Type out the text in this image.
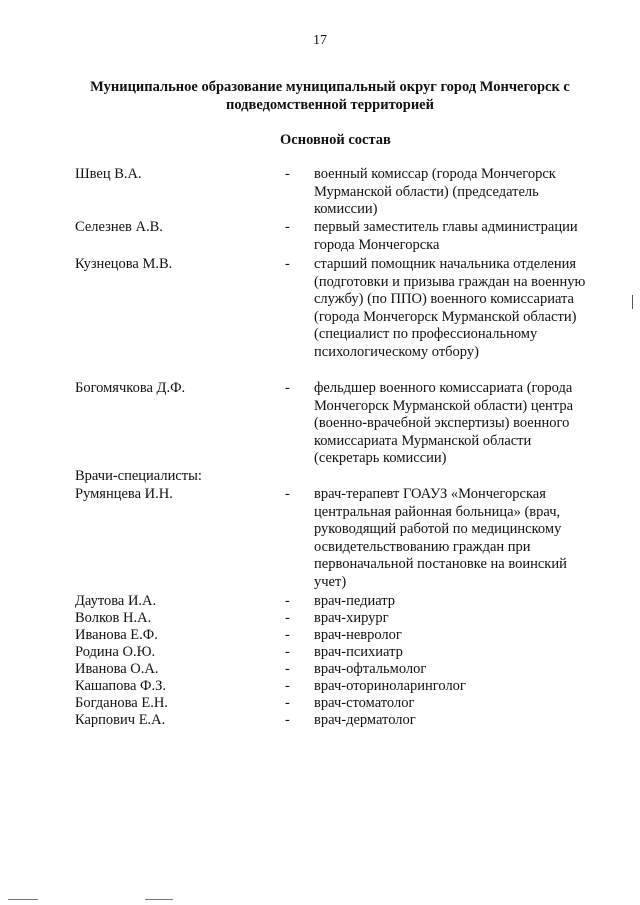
17
Муниципальное образование муниципальный округ город Мончегорск с подведомственной территорией
Основной состав
Швец В.А.	- военный комиссар (города Мончегорск Мурманской области) (председатель комиссии)
Селезнев А.В.	- первый заместитель главы администрации города Мончегорска
Кузнецова М.В.	- старший помощник начальника отделения (подготовки и призыва граждан на военную службу) (по ППО) военного комиссариата (города Мончегорск Мурманской области) (специалист по профессиональному психологическому отбору)
Богомячкова Д.Ф.	- фельдшер военного комиссариата (города Мончегорск Мурманской области) центра (военно-врачебной экспертизы) военного комиссариата Мурманской области (секретарь комиссии)
Врачи-специалисты:
Румянцева И.Н.	- врач-терапевт ГОАУЗ «Мончегорская центральная районная больница» (врач, руководящий работой по медицинскому освидетельствованию граждан при первоначальной постановке на воинский учет)
Даутова И.А.	- врач-педиатр
Волков Н.А.	- врач-хирург
Иванова Е.Ф.	- врач-невролог
Родина О.Ю.	- врач-психиатр
Иванова О.А.	- врач-офтальмолог
Кашапова Ф.З.	- врач-оториноларинголог
Богданова Е.Н.	- врач-стоматолог
Карпович Е.А.	- врач-дерматолог
